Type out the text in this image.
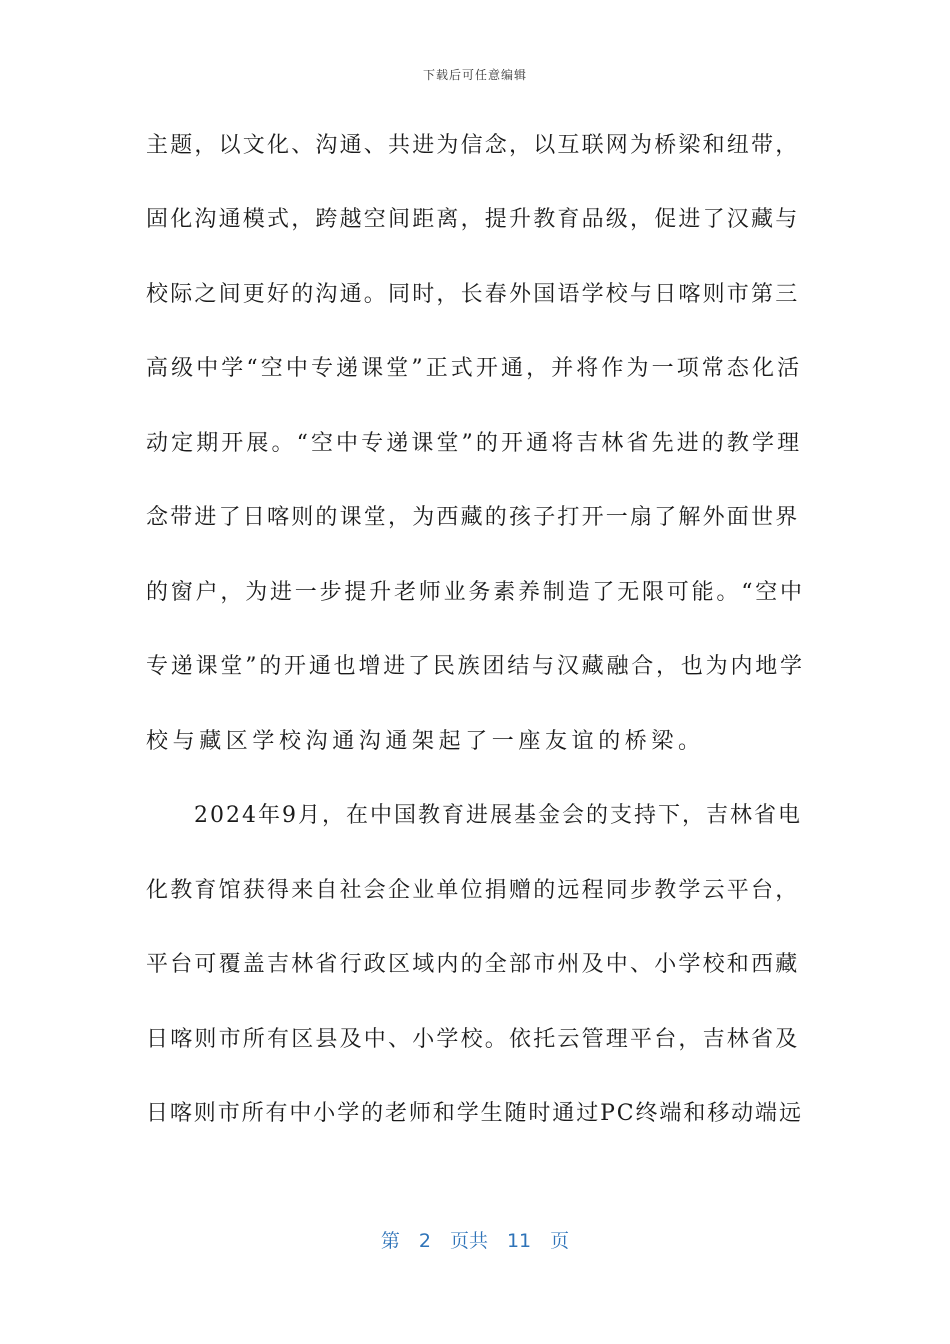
下载后可任意编辑
主题，以文化、沟通、共进为信念，以互联网为桥梁和纽带，
固化沟通模式，跨越空间距离，提升教育品级，促进了汉藏与
校际之间更好的沟通。同时，长春外国语学校与日喀则市第三
高级中学“空中专递课堂”正式开通，并将作为一项常态化活
动定期开展。“空中专递课堂”的开通将吉林省先进的教学理
念带进了日喀则的课堂，为西藏的孩子打开一扇了解外面世界
的窗户，为进一步提升老师业务素养制造了无限可能。“空中
专递课堂”的开通也增进了民族团结与汉藏融合，也为内地学
校与藏区学校沟通沟通架起了一座友谊的桥梁。
　　2024年9月，在中国教育进展基金会的支持下，吉林省电
化教育馆获得来自社会企业单位捐赠的远程同步教学云平台，
平台可覆盖吉林省行政区域内的全部市州及中、小学校和西藏
日喀则市所有区县及中、小学校。依托云管理平台，吉林省及
日喀则市所有中小学的老师和学生随时通过PC终端和移动端远
第　2　页共　11　页
